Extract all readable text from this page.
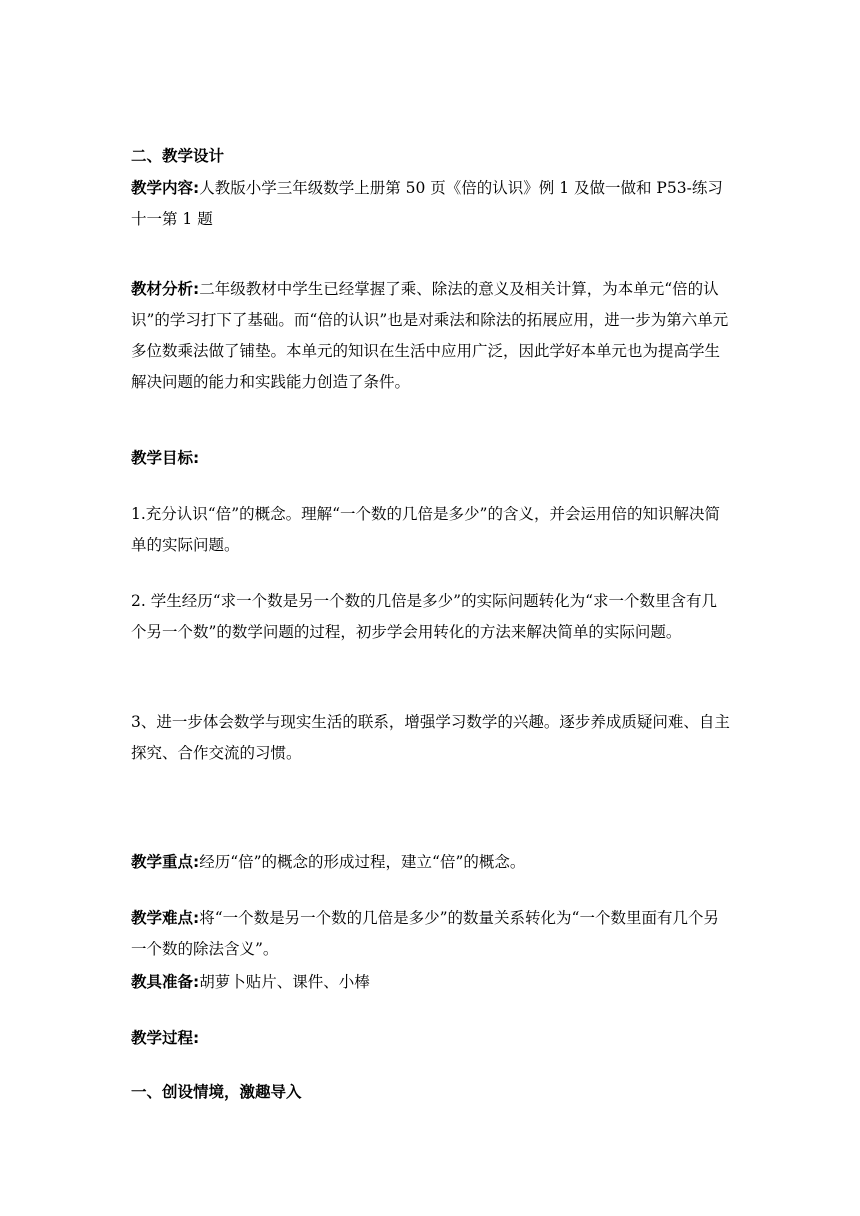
二、教学设计

教学内容:人教版小学三年级数学上册第 50 页《倍的认识》例 1 及做一做和 P53-练习十一第 1 题

教材分析:二年级教材中学生已经掌握了乘、除法的意义及相关计算，为本单元“倍的认识”的学习打下了基础。而“倍的认识”也是对乘法和除法的拓展应用，进一步为第六单元多位数乘法做了铺垫。本单元的知识在生活中应用广泛，因此学好本单元也为提高学生解决问题的能力和实践能力创造了条件。

教学目标:

1.充分认识“倍”的概念。理解“一个数的几倍是多少”的含义，并会运用倍的知识解决简单的实际问题。

2. 学生经历“求一个数是另一个数的几倍是多少”的实际问题转化为“求一个数里含有几个另一个数”的数学问题的过程，初步学会用转化的方法来解决简单的实际问题。

3、进一步体会数学与现实生活的联系，增强学习数学的兴趣。逐步养成质疑问难、自主探究、合作交流的习惯。

教学重点:经历“倍”的概念的形成过程，建立“倍”的概念。

教学难点:将“一个数是另一个数的几倍是多少”的数量关系转化为“一个数里面有几个另一个数的除法含义”。

教具准备:胡萝卜贴片、课件、小棒

教学过程:

一、创设情境，激趣导入
